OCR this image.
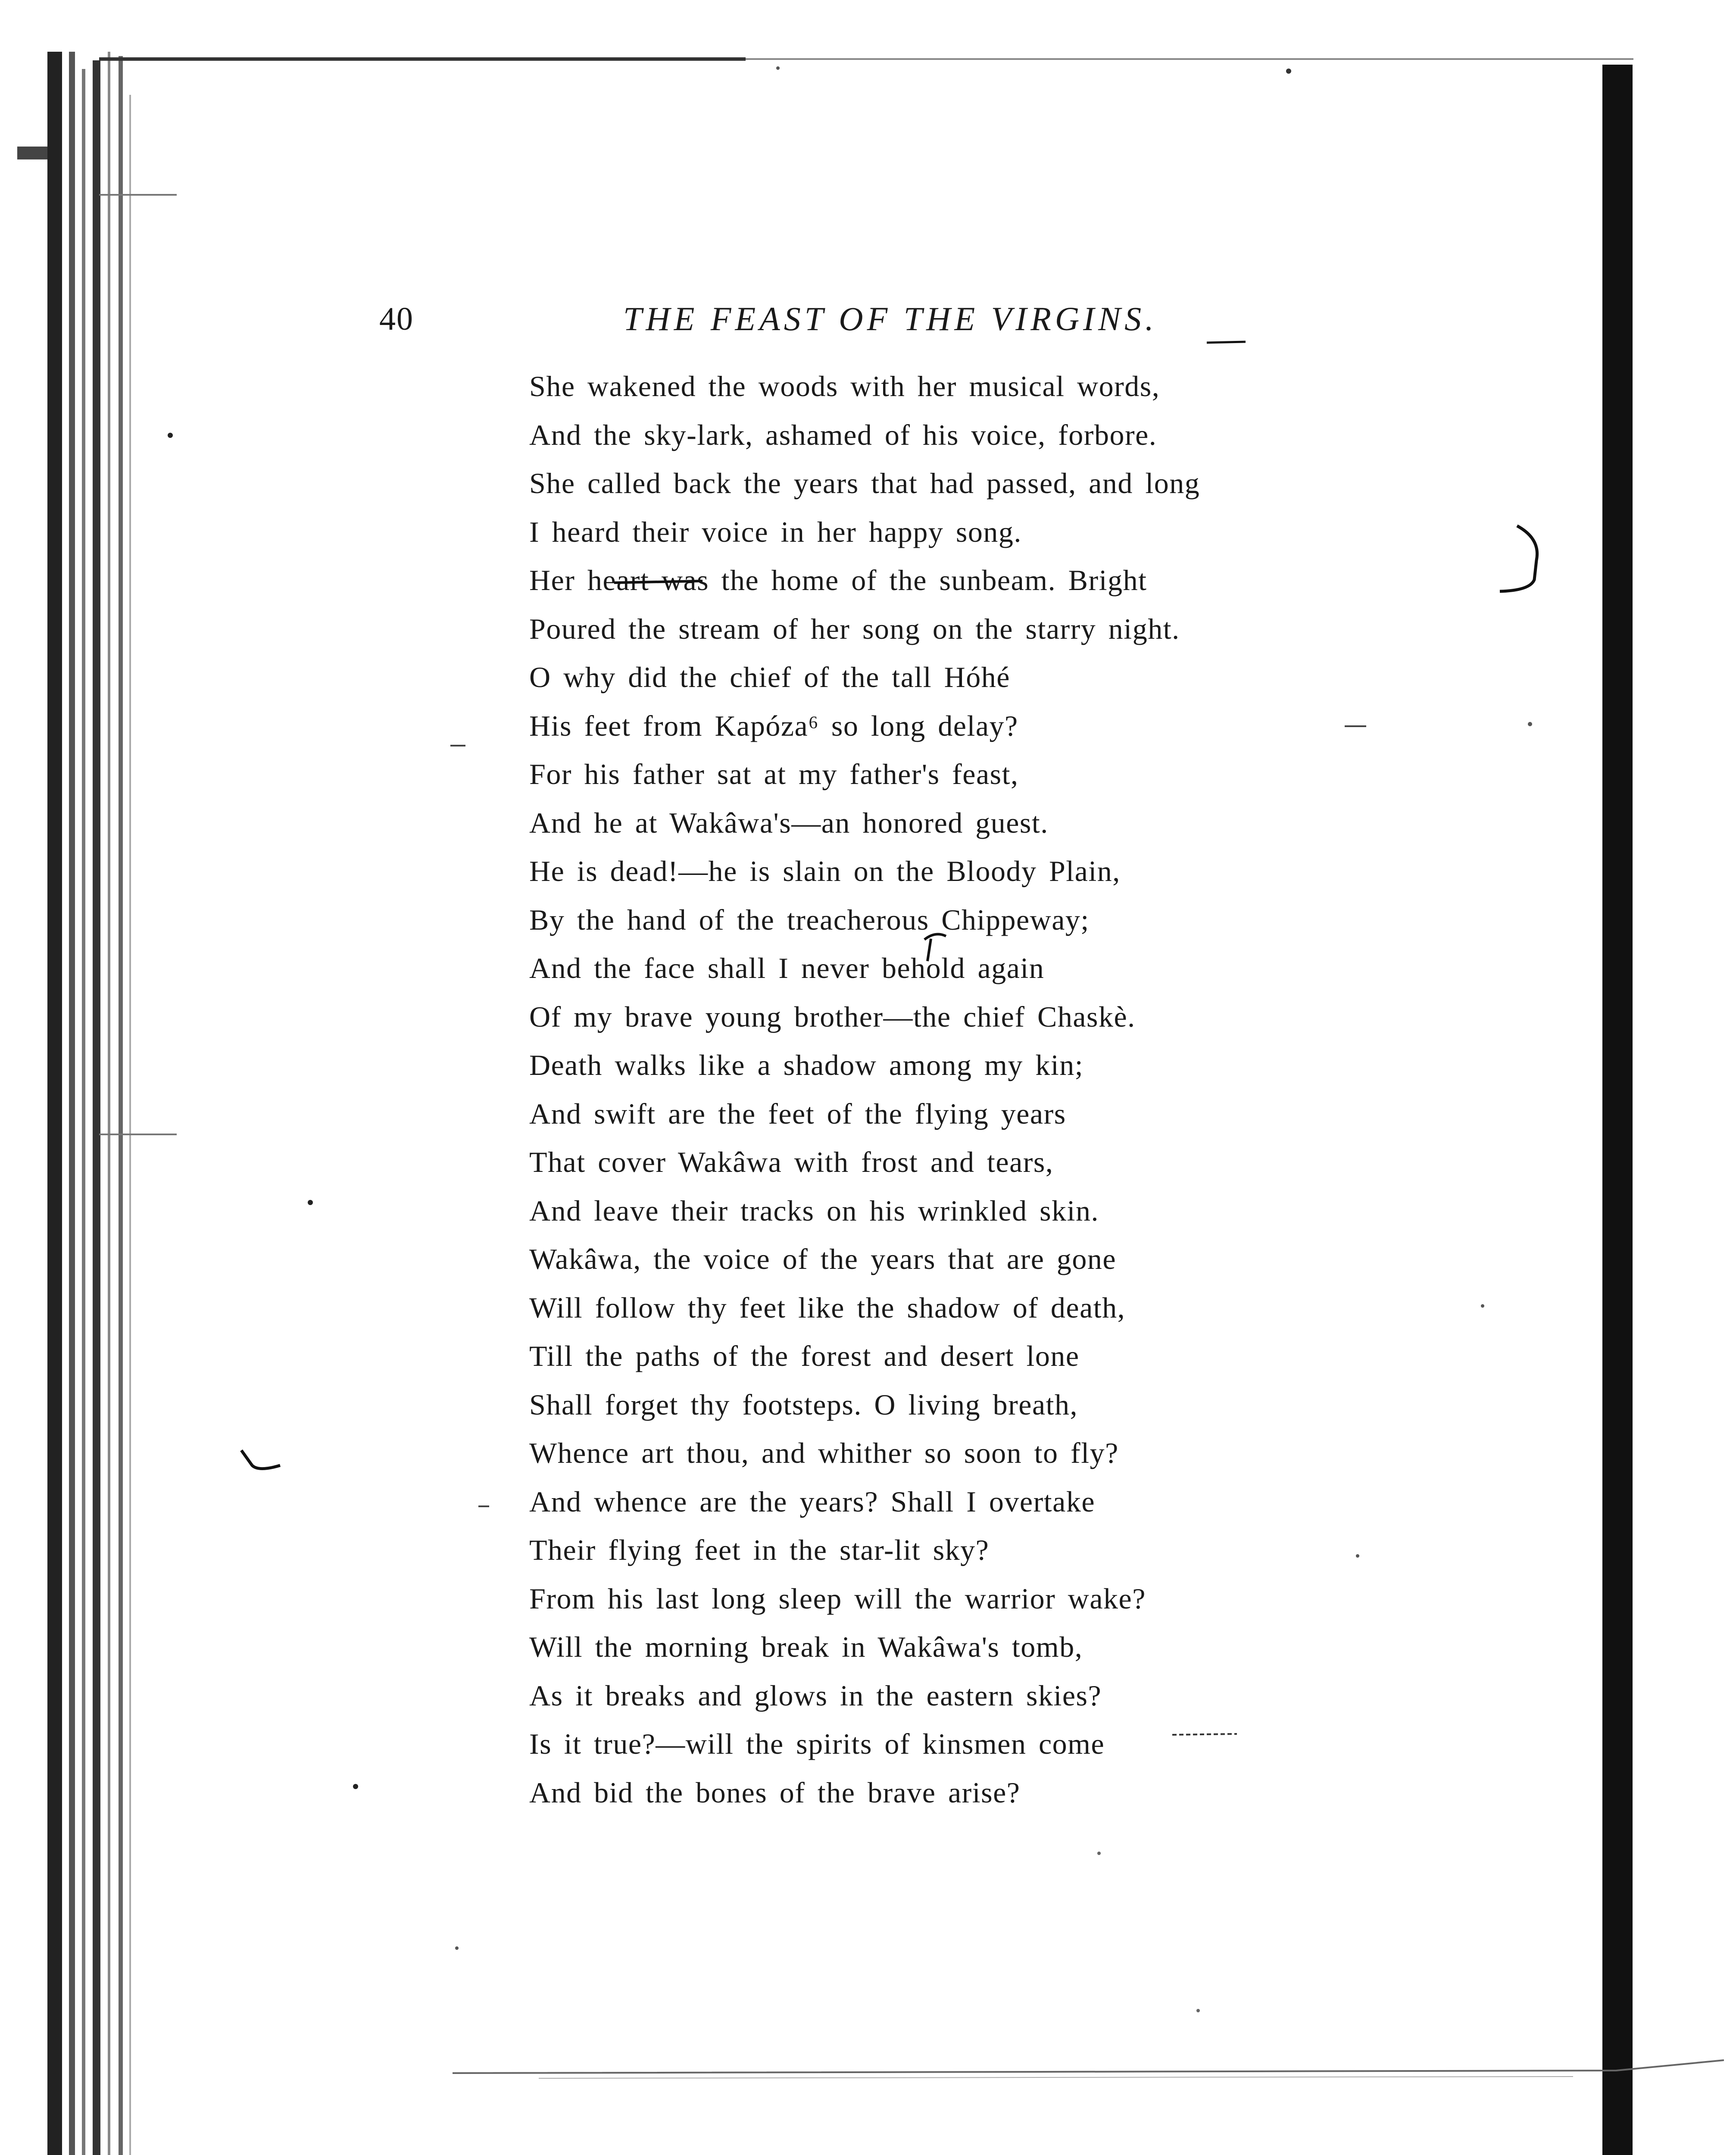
40	THE FEAST OF THE VIRGINS.
She wakened the woods with her musical words,
And the sky-lark, ashamed of his voice, forbore.
She called back the years that had passed, and long
I heard their voice in her happy song.
Her heart was the home of the sunbeam. Bright
Poured the stream of her song on the starry night.
O why did the chief of the tall Hóhé
His feet from Kapóza⁶ so long delay?
For his father sat at my father's feast,
And he at Wakâwa's—an honored guest.
He is dead!—he is slain on the Bloody Plain,
By the hand of the treacherous Chippeway;
And the face shall I never behold again
Of my brave young brother—the chief Chaskè.
Death walks like a shadow among my kin;
And swift are the feet of the flying years
That cover Wakâwa with frost and tears,
And leave their tracks on his wrinkled skin.
Wakâwa, the voice of the years that are gone
Will follow thy feet like the shadow of death,
Till the paths of the forest and desert lone
Shall forget thy footsteps. O living breath,
Whence art thou, and whither so soon to fly?
And whence are the years? Shall I overtake
Their flying feet in the star-lit sky?
From his last long sleep will the warrior wake?
Will the morning break in Wakâwa's tomb,
As it breaks and glows in the eastern skies?
Is it true?—will the spirits of kinsmen come
And bid the bones of the brave arise?
